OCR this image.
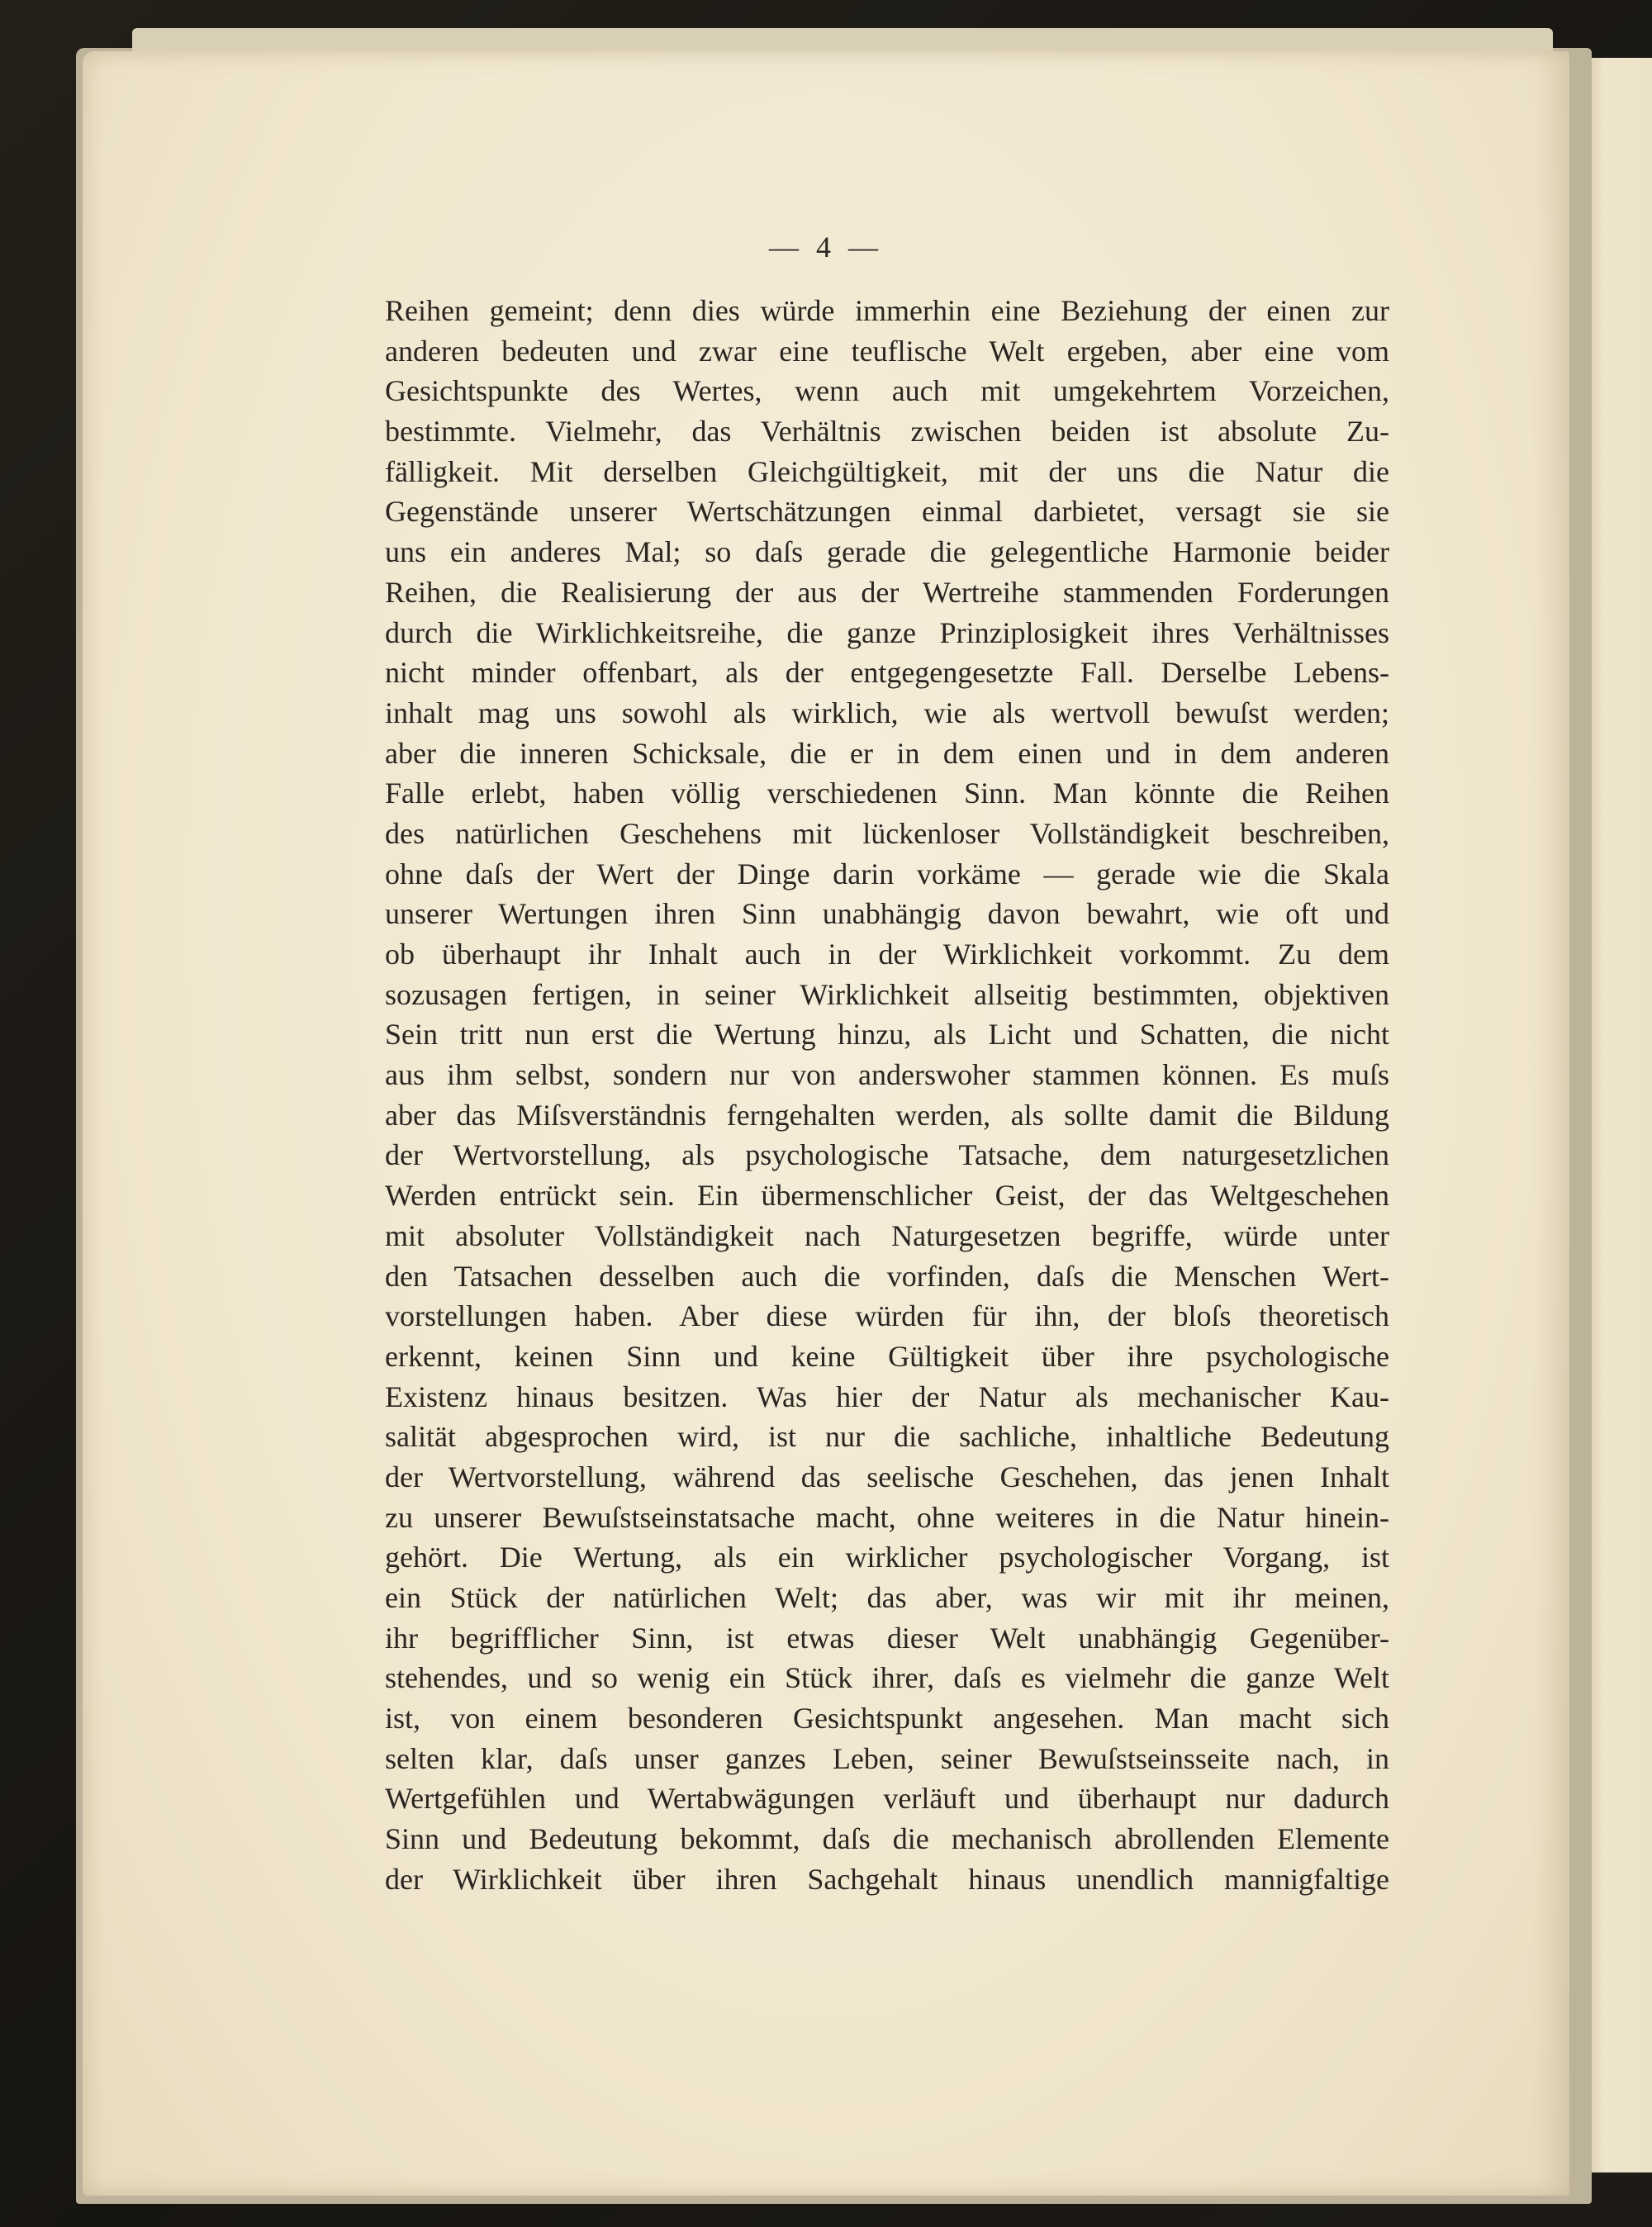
— 4 —
Reihen gemeint; denn dies würde immerhin eine Beziehung der einen zur
anderen bedeuten und zwar eine teuflische Welt ergeben, aber eine vom
Gesichtspunkte des Wertes, wenn auch mit umgekehrtem Vorzeichen,
bestimmte. Vielmehr, das Verhältnis zwischen beiden ist absolute Zu-
fälligkeit. Mit derselben Gleichgültigkeit, mit der uns die Natur die
Gegenstände unserer Wertschätzungen einmal darbietet, versagt sie sie
uns ein anderes Mal; so daſs gerade die gelegentliche Harmonie beider
Reihen, die Realisierung der aus der Wertreihe stammenden Forderungen
durch die Wirklichkeitsreihe, die ganze Prinziplosigkeit ihres Verhältnisses
nicht minder offenbart, als der entgegengesetzte Fall. Derselbe Lebens-
inhalt mag uns sowohl als wirklich, wie als wertvoll bewuſst werden;
aber die inneren Schicksale, die er in dem einen und in dem anderen
Falle erlebt, haben völlig verschiedenen Sinn. Man könnte die Reihen
des natürlichen Geschehens mit lückenloser Vollständigkeit beschreiben,
ohne daſs der Wert der Dinge darin vorkäme — gerade wie die Skala
unserer Wertungen ihren Sinn unabhängig davon bewahrt, wie oft und
ob überhaupt ihr Inhalt auch in der Wirklichkeit vorkommt. Zu dem
sozusagen fertigen, in seiner Wirklichkeit allseitig bestimmten, objektiven
Sein tritt nun erst die Wertung hinzu, als Licht und Schatten, die nicht
aus ihm selbst, sondern nur von anderswoher stammen können. Es muſs
aber das Miſsverständnis ferngehalten werden, als sollte damit die Bildung
der Wertvorstellung, als psychologische Tatsache, dem naturgesetzlichen
Werden entrückt sein. Ein übermenschlicher Geist, der das Weltgeschehen
mit absoluter Vollständigkeit nach Naturgesetzen begriffe, würde unter
den Tatsachen desselben auch die vorfinden, daſs die Menschen Wert-
vorstellungen haben. Aber diese würden für ihn, der bloſs theoretisch
erkennt, keinen Sinn und keine Gültigkeit über ihre psychologische
Existenz hinaus besitzen. Was hier der Natur als mechanischer Kau-
salität abgesprochen wird, ist nur die sachliche, inhaltliche Bedeutung
der Wertvorstellung, während das seelische Geschehen, das jenen Inhalt
zu unserer Bewuſstseinstatsache macht, ohne weiteres in die Natur hinein-
gehört. Die Wertung, als ein wirklicher psychologischer Vorgang, ist
ein Stück der natürlichen Welt; das aber, was wir mit ihr meinen,
ihr begrifflicher Sinn, ist etwas dieser Welt unabhängig Gegenüber-
stehendes, und so wenig ein Stück ihrer, daſs es vielmehr die ganze Welt
ist, von einem besonderen Gesichtspunkt angesehen. Man macht sich
selten klar, daſs unser ganzes Leben, seiner Bewuſstseinsseite nach, in
Wertgefühlen und Wertabwägungen verläuft und überhaupt nur dadurch
Sinn und Bedeutung bekommt, daſs die mechanisch abrollenden Elemente
der Wirklichkeit über ihren Sachgehalt hinaus unendlich mannigfaltige
